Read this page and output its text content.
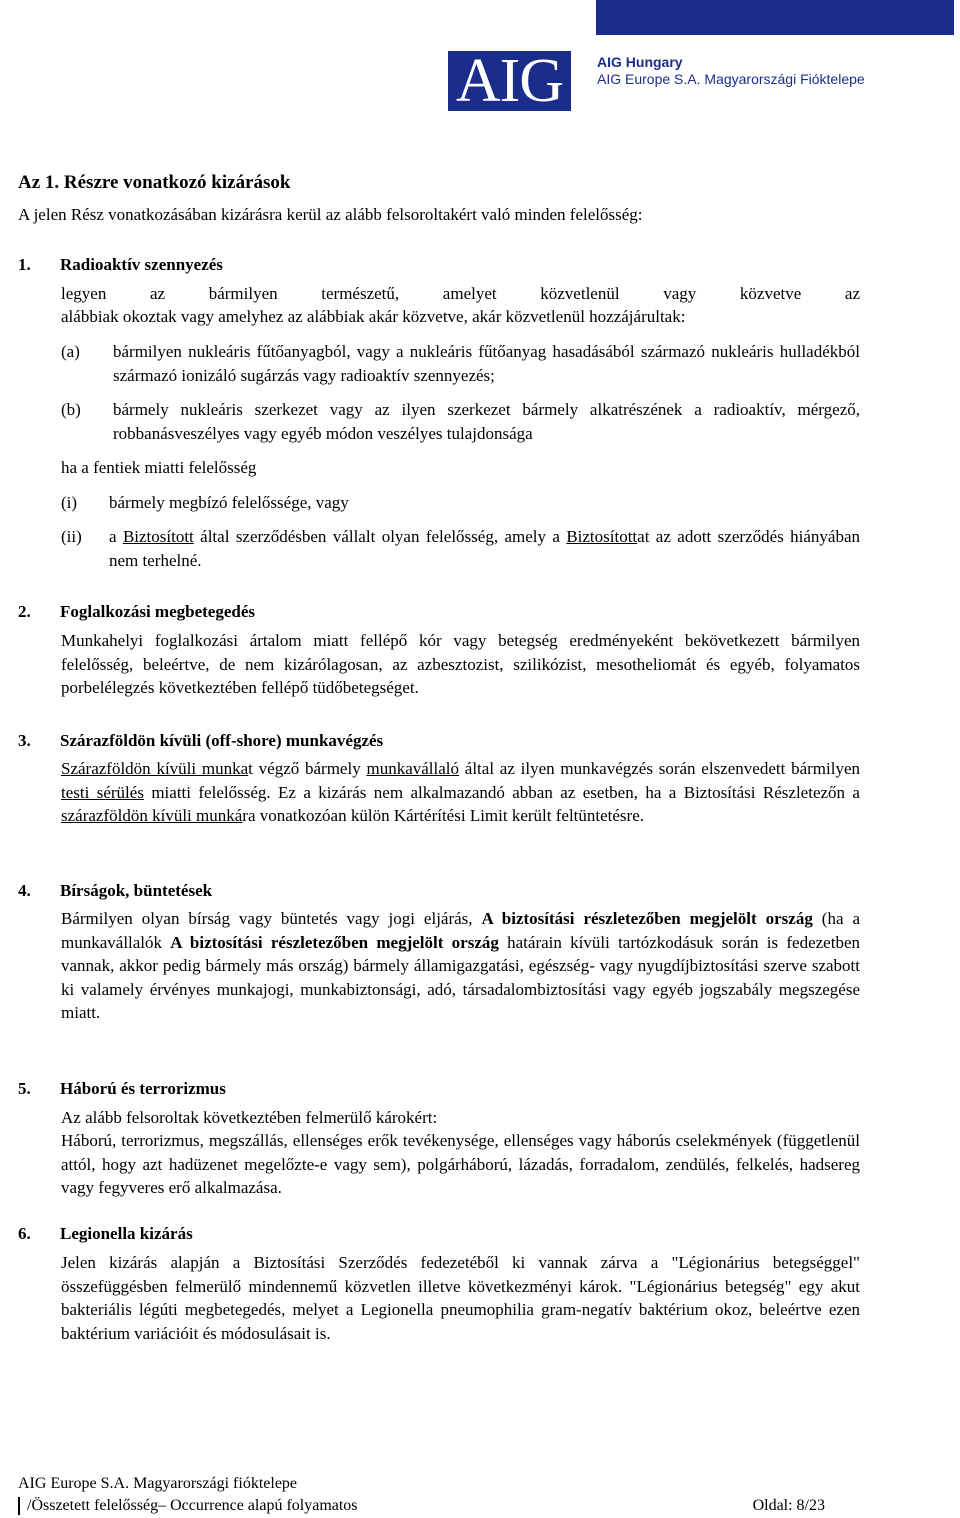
AIG	AIG Hungary
AIG Europe S.A. Magyarországi Fióktelepe
Az 1. Részre vonatkozó kizárások
A jelen Rész vonatkozásában kizárásra kerül az alább felsoroltakért való minden felelősség:
1. Radioaktív szennyezés
legyen az bármilyen természetű, amelyet közvetlenül vagy közvetve az
alábbiak okoztak vagy amelyhez az alábbiak akár közvetve, akár közvetlenül hozzájárultak:
(a) bármilyen nukleáris fűtőanyagból, vagy a nukleáris fűtőanyag hasadásából származó nukleáris hulladékból származó ionizáló sugárzás vagy radioaktív szennyezés;
(b) bármely nukleáris szerkezet vagy az ilyen szerkezet bármely alkatrészének a radioaktív, mérgező, robbanásveszélyes vagy egyéb módon veszélyes tulajdonsága
ha a fentiek miatti felelősség
(i) bármely megbízó felelőssége, vagy
(ii) a Biztosított által szerződésben vállalt olyan felelősség, amely a Biztosítottat az adott szerződés hiányában nem terhelné.
2. Foglalkozási megbetegedés
Munkahelyi foglalkozási ártalom miatt fellépő kór vagy betegség eredményeként bekövetkezett bármilyen felelősség, beleértve, de nem kizárólagosan, az azbesztozist, szilikózist, mesotheliomát és egyéb, folyamatos porbelélegzés következtében fellépő tüdőbetegséget.
3. Szárazföldön kívüli (off-shore) munkavégzés
Szárazföldön kívüli munkat végző bármely munkavállaló által az ilyen munkavégzés során elszenvedett bármilyen testi sérülés miatti felelősség. Ez a kizárás nem alkalmazandó abban az esetben, ha a Biztosítási Részletezőn a szárazföldön kívüli munkára vonatkozóan külön Kártérítési Limit került feltüntetésre.
4. Bírságok, büntetések
Bármilyen olyan bírság vagy büntetés vagy jogi eljárás, A biztosítási részletezőben megjelölt ország (ha a munkavállalók A biztosítási részletezőben megjelölt ország határain kívüli tartózkodásuk során is fedezetben vannak, akkor pedig bármely más ország) bármely államigazgatási, egészség- vagy nyugdíjbiztosítási szerve szabott ki valamely érvényes munkajogi, munkabiztonsági, adó, társadalombiztosítási vagy egyéb jogszabály megszegése miatt.
5. Háború és terrorizmus
Az alább felsoroltak következtében felmerülő károkért:
Háború, terrorizmus, megszállás, ellenséges erők tevékenysége, ellenséges vagy háborús cselekmények (függetlenül attól, hogy azt hadüzenet megelőzte-e vagy sem), polgárháború, lázadás, forradalom, zendülés, felkelés, hadsereg vagy fegyveres erő alkalmazása.
6. Legionella kizárás
Jelen kizárás alapján a Biztosítási Szerződés fedezetéből ki vannak zárva a "Légionárius betegséggel" összefüggésben felmerülő mindennemű közvetlen illetve következményi károk. "Légionárius betegség" egy akut bakteriális légúti megbetegedés, melyet a Legionella pneumophilia gram-negatív baktérium okoz, beleértve ezen baktérium variációit és módosulásait is.
AIG Europe S.A. Magyarországi fióktelepe
/Összetett felelősség– Occurrence alapú folyamatos	Oldal: 8/23
